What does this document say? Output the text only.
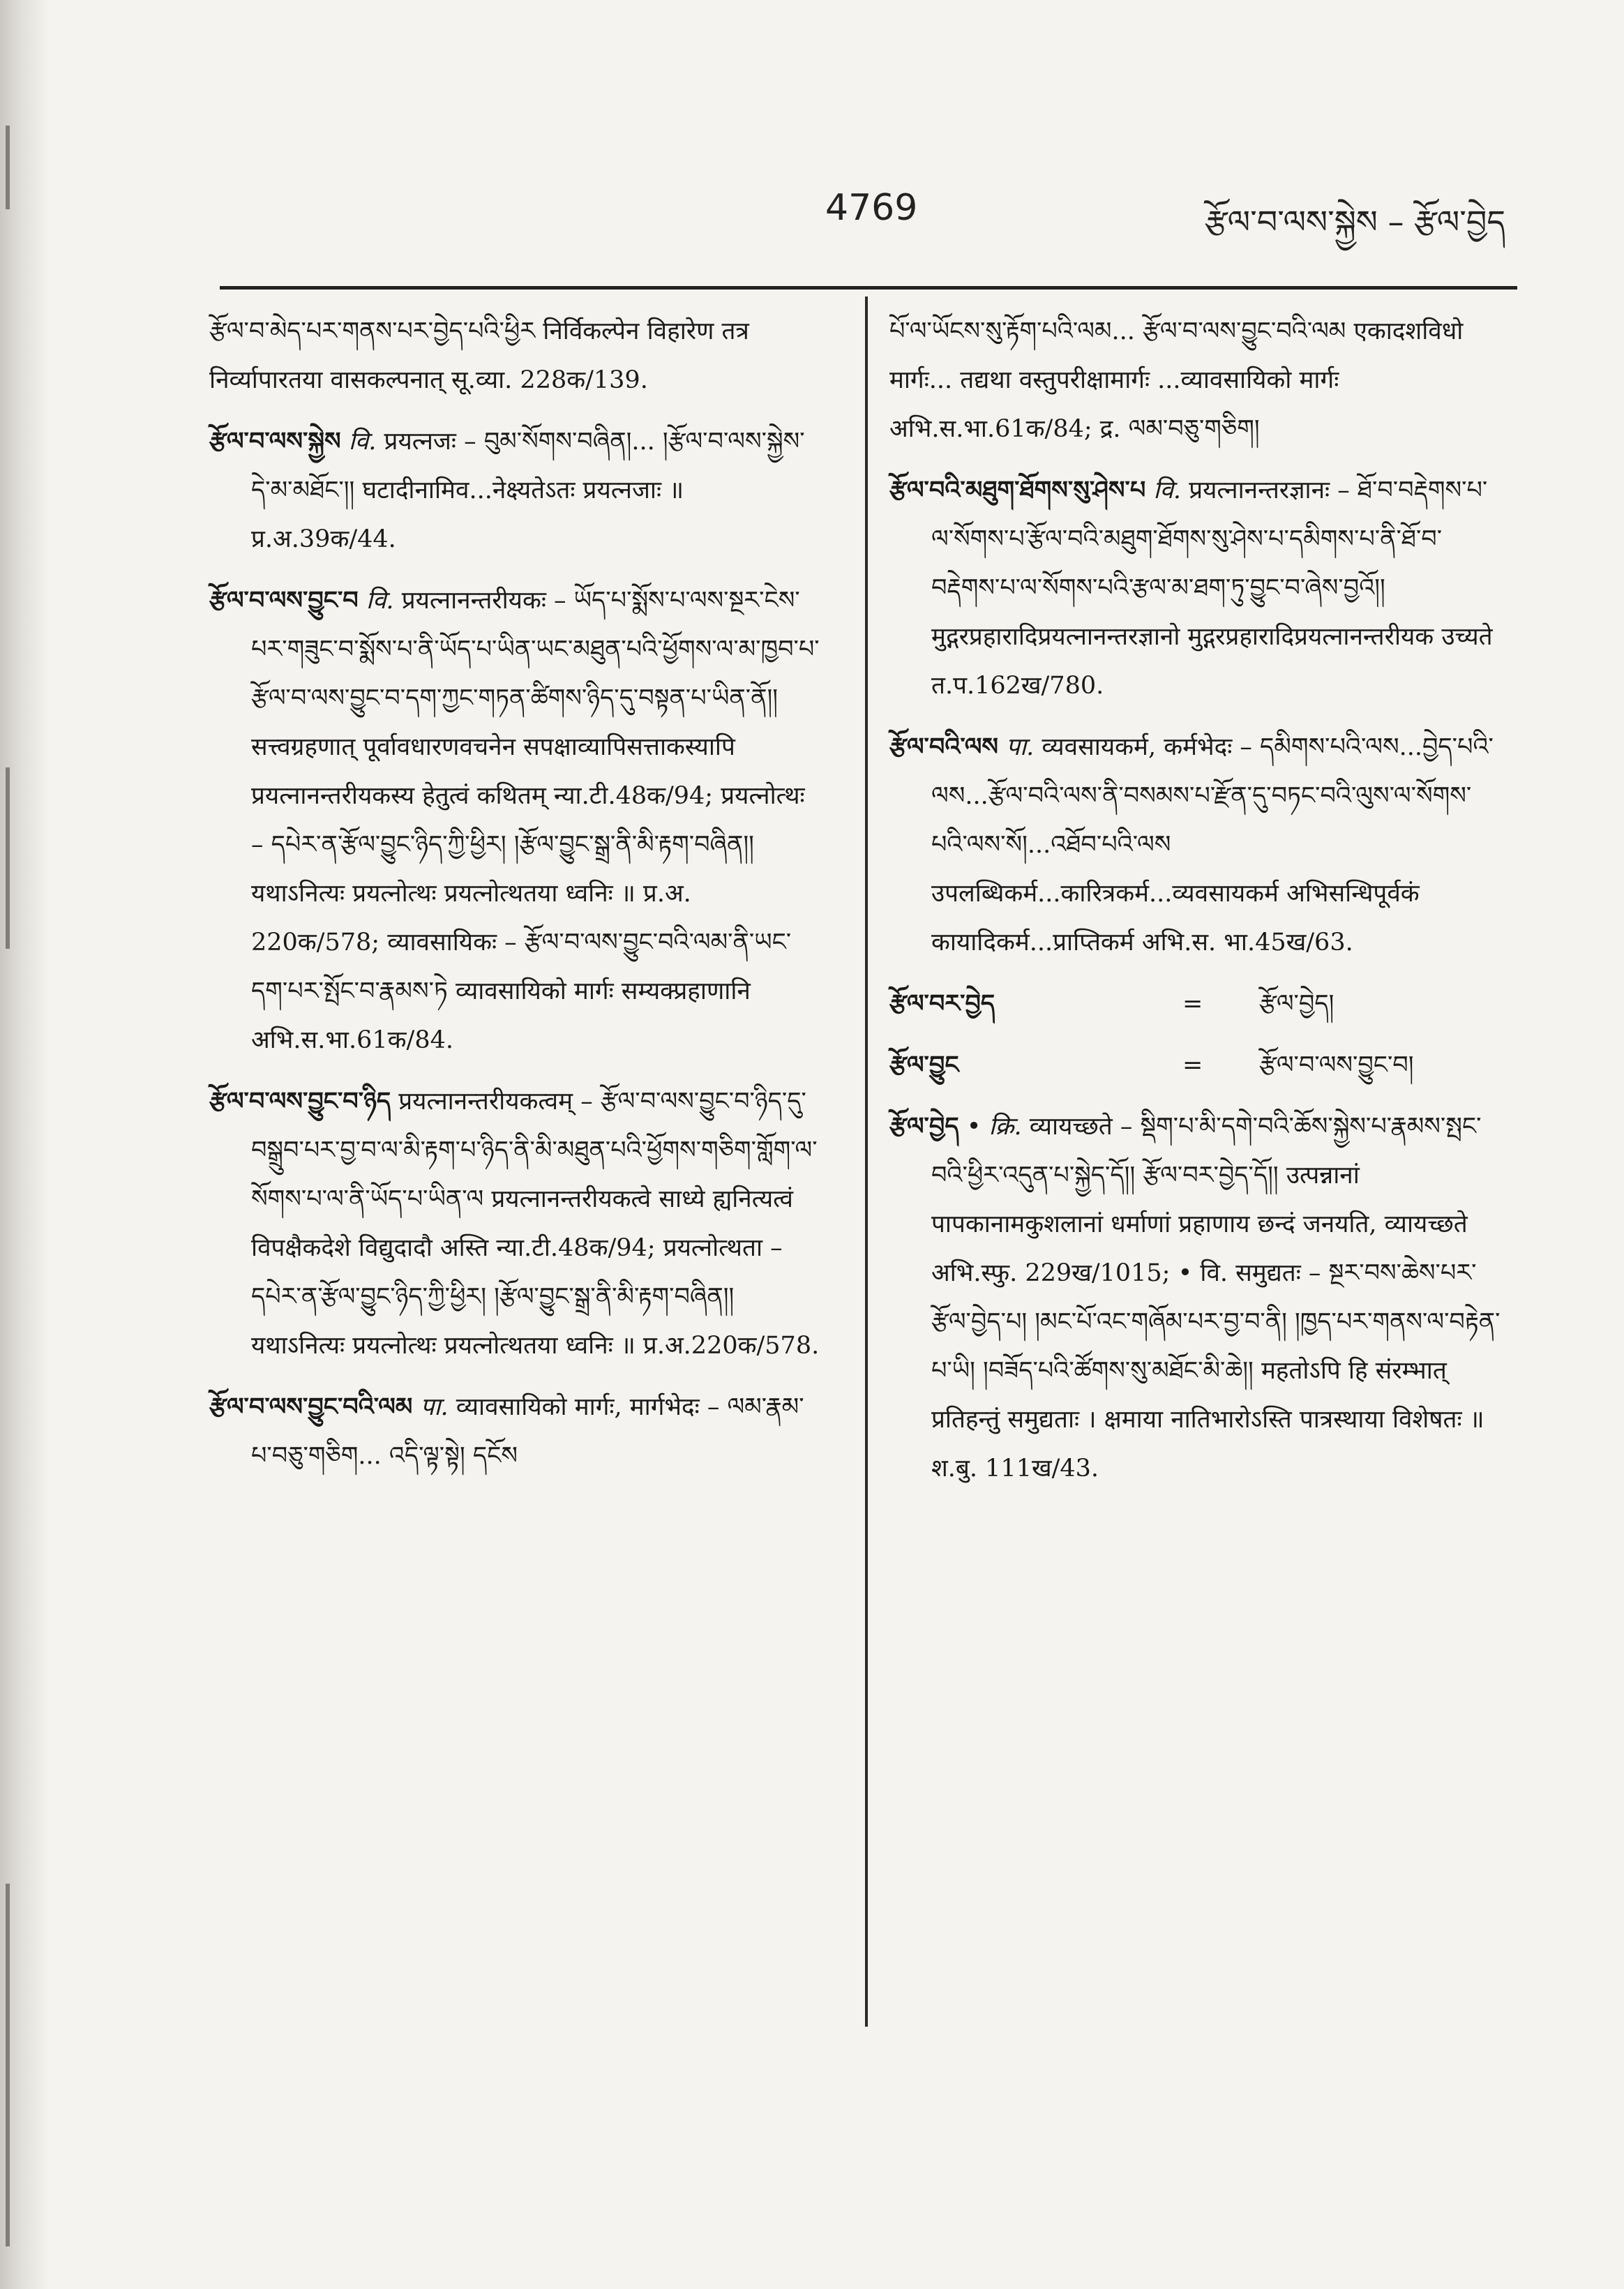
4769	རྩོལ་བ་ལས་སྐྱེས – རྩོལ་བྱེད

རྩོལ་བ་མེད་པར་གནས་པར་བྱེད་པའི་ཕྱིར निर्विकल्पेन विहारेण तत्र निर्व्यापारतया वासकल्पनात् सू.व्या. 228क/139.

རྩོལ་བ་ལས་སྐྱེས वि. प्रयत्नजः – བུམ་སོགས་བཞིན།... །རྩོལ་བ་ལས་སྐྱེས་དེ་མ་མཐོང་།། घटादीनामिव...नेक्ष्यतेऽतः प्रयत्नजाः ॥ प्र.अ.39क/44.

རྩོལ་བ་ལས་བྱུང་བ वि. प्रयत्नानन्तरीयकः – ཡོད་པ་སྨོས་པ་ལས་སྔར་ངེས་པར་གཟུང་བ་སྨོས་པ་ནི་ཡོད་པ་ཡིན་ཡང་མཐུན་པའི་ཕྱོགས་ལ་མ་ཁྱབ་པ་རྩོལ་བ་ལས་བྱུང་བ་དག་ཀྱང་གཏན་ཚིགས་ཉིད་དུ་བསྟན་པ་ཡིན་ནོ།། सत्त्वग्रहणात् पूर्वावधारणवचनेन सपक्षाव्यापिसत्ताकस्यापि प्रयत्नानन्तरीयकस्य हेतुत्वं कथितम् न्या.टी.48क/94; प्रयत्नोत्थः – དཔེར་ན་རྩོལ་བྱུང་ཉིད་ཀྱི་ཕྱིར། །རྩོལ་བྱུང་སྒྲ་ནི་མི་རྟག་བཞིན།། यथाऽनित्यः प्रयत्नोत्थः प्रयत्नोत्थतया ध्वनिः ॥ प्र.अ. 220क/578; व्यावसायिकः – རྩོལ་བ་ལས་བྱུང་བའི་ལམ་ནི་ཡང་དག་པར་སྤོང་བ་རྣམས་ཏེ व्यावसायिको मार्गः सम्यक्प्रहाणानि अभि.स.भा.61क/84.

རྩོལ་བ་ལས་བྱུང་བ་ཉིད प्रयत्नानन्तरीयकत्वम् – རྩོལ་བ་ལས་བྱུང་བ་ཉིད་དུ་བསྒྲུབ་པར་བྱ་བ་ལ་མི་རྟག་པ་ཉིད་ནི་མི་མཐུན་པའི་ཕྱོགས་གཅིག་གློག་ལ་སོགས་པ་ལ་ནི་ཡོད་པ་ཡིན་ལ प्रयत्नानन्तरीयकत्वे साध्ये ह्यनित्यत्वं विपक्षैकदेशे विद्युदादौ अस्ति न्या.टी.48क/94; प्रयत्नोत्थता – དཔེར་ན་རྩོལ་བྱུང་ཉིད་ཀྱི་ཕྱིར། །རྩོལ་བྱུང་སྒྲ་ནི་མི་རྟག་བཞིན།། यथाऽनित्यः प्रयत्नोत्थः प्रयत्नोत्थतया ध्वनिः ॥ प्र.अ.220क/578.

རྩོལ་བ་ལས་བྱུང་བའི་ལམ पा. व्यावसायिको मार्गः, मार्गभेदः – ལམ་རྣམ་པ་བཅུ་གཅིག... འདི་ལྟ་སྟེ། དངོས

པོ་ལ་ཡོངས་སུ་རྟོག་པའི་ལམ... རྩོལ་བ་ལས་བྱུང་བའི་ལམ एकादशविधो मार्गः... तद्यथा वस्तुपरीक्षामार्गः ...व्यावसायिको मार्गः अभि.स.भा.61क/84; द्र. ལམ་བཅུ་གཅིག།

རྩོལ་བའི་མཐུག་ཐོགས་སུ་ཤེས་པ वि. प्रयत्नानन्तरज्ञानः – ཐོ་བ་བརྡེགས་པ་ལ་སོགས་པ་རྩོལ་བའི་མཐུག་ཐོགས་སུ་ཤེས་པ་དམིགས་པ་ནི་ཐོ་བ་བརྡེགས་པ་ལ་སོགས་པའི་རྩལ་མ་ཐག་ཏུ་བྱུང་བ་ཞེས་བྱའོ།། मुद्गरप्रहारादिप्रयत्नानन्तरज्ञानो मुद्गरप्रहारादिप्रयत्नानन्तरीयक उच्यते त.प.162ख/780.

རྩོལ་བའི་ལས पा. व्यवसायकर्म, कर्मभेदः – དམིགས་པའི་ལས...བྱེད་པའི་ལས...རྩོལ་བའི་ལས་ནི་བསམས་པ་རྫོན་དུ་བཏང་བའི་ལུས་ལ་སོགས་པའི་ལས་སོ།...འཐོབ་པའི་ལས उपलब्धिकर्म...कारित्रकर्म...व्यवसायकर्म अभिसन्धिपूर्वकं कायादिकर्म...प्राप्तिकर्म अभि.स. भा.45ख/63.

རྩོལ་བར་བྱེད	=	རྩོལ་བྱེད།
རྩོལ་བྱུང	=	རྩོལ་བ་ལས་བྱུང་བ།

རྩོལ་བྱེད • क्रि. व्यायच्छते – སྡིག་པ་མི་དགེ་བའི་ཆོས་སྐྱེས་པ་རྣམས་སྤང་བའི་ཕྱིར་འདུན་པ་སྐྱེད་དོ།། རྩོལ་བར་བྱེད་དོ།། उत्पन्नानां पापकानामकुशलानां धर्माणां प्रहाणाय छन्दं जनयति, व्यायच्छते अभि.स्फु. 229ख/1015; • वि. समुद्यतः – སྔར་བས་ཆེས་པར་རྩོལ་བྱེད་པ། །མང་པོ་འང་གཞོམ་པར་བྱ་བ་ནི། །ཁྱད་པར་གནས་ལ་བརྟེན་པ་ཡི། །བཟོད་པའི་ཚོགས་སུ་མཐོང་མི་ཆེ།། महतोऽपि हि संरम्भात् प्रतिहन्तुं समुद्यताः । क्षमाया नातिभारोऽस्ति पात्रस्थाया विशेषतः ॥ श.बु. 111ख/43.
